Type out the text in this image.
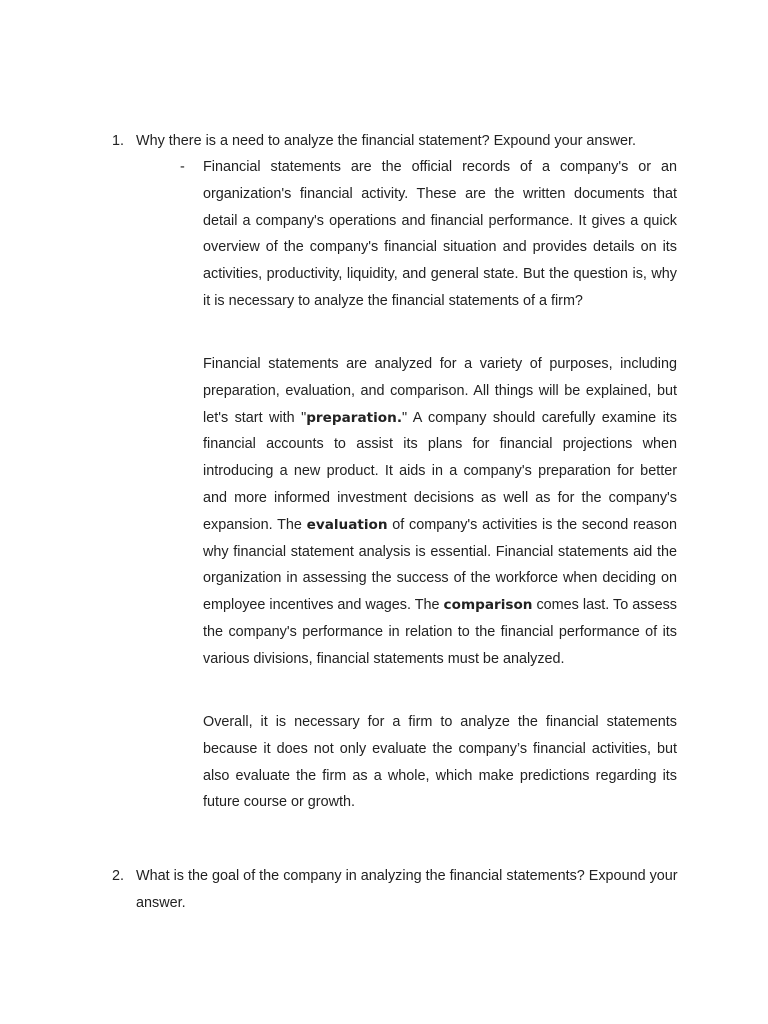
1. Why there is a need to analyze the financial statement? Expound your answer.
- Financial statements are the official records of a company's or an organization's financial activity. These are the written documents that detail a company's operations and financial performance. It gives a quick overview of the company's financial situation and provides details on its activities, productivity, liquidity, and general state. But the question is, why it is necessary to analyze the financial statements of a firm?

Financial statements are analyzed for a variety of purposes, including preparation, evaluation, and comparison. All things will be explained, but let's start with "preparation." A company should carefully examine its financial accounts to assist its plans for financial projections when introducing a new product. It aids in a company's preparation for better and more informed investment decisions as well as for the company's expansion. The evaluation of company's activities is the second reason why financial statement analysis is essential. Financial statements aid the organization in assessing the success of the workforce when deciding on employee incentives and wages. The comparison comes last. To assess the company's performance in relation to the financial performance of its various divisions, financial statements must be analyzed.

Overall, it is necessary for a firm to analyze the financial statements because it does not only evaluate the company’s financial activities, but also evaluate the firm as a whole, which make predictions regarding its future course or growth.

2. What is the goal of the company in analyzing the financial statements? Expound your answer.
